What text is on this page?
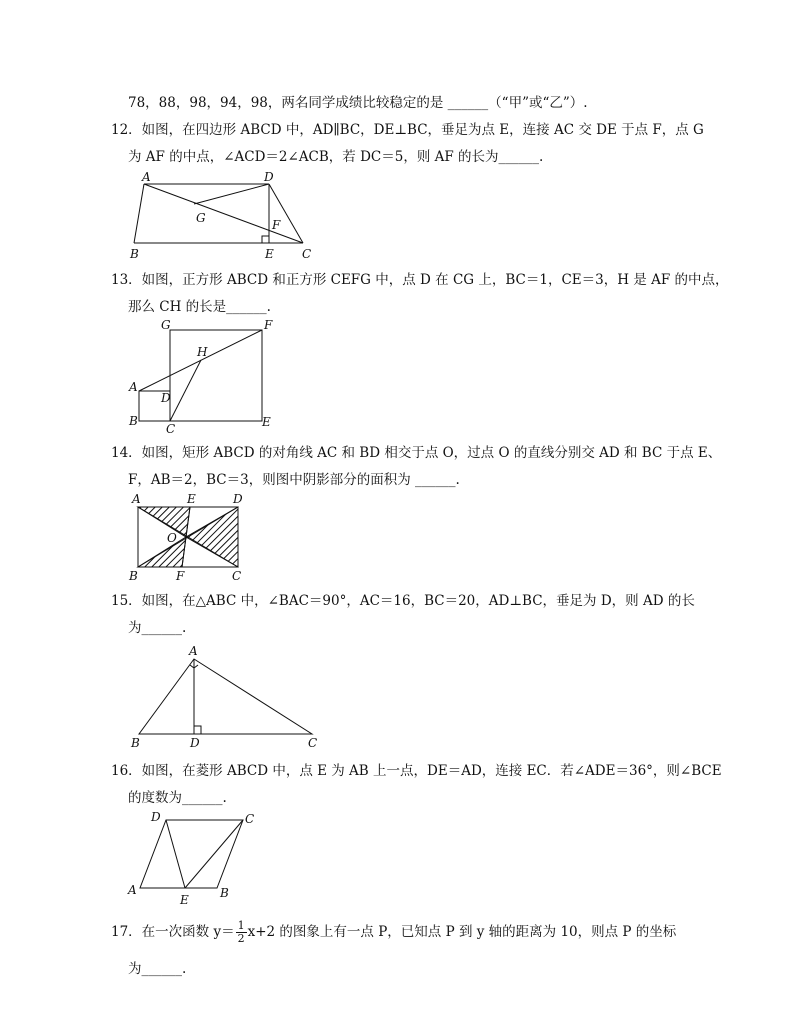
78，88，98，94，98，两名同学成绩比较稳定的是 ______（“甲”或“乙”）.
12．如图，在四边形 ABCD 中，AD∥BC，DE⊥BC，垂足为点 E，连接 AC 交 DE 于点 F，点 G
为 AF 的中点，∠ACD＝2∠ACB，若 DC＝5，则 AF 的长为______.
A	D
G	F
B	E C
13．如图，正方形 ABCD 和正方形 CEFG 中，点 D 在 CG 上，BC＝1，CE＝3，H 是 AF 的中点，
那么 CH 的长是______.
G	F
H
A
D
B
C	E
14．如图，矩形 ABCD 的对角线 AC 和 BD 相交于点 O，过点 O 的直线分别交 AD 和 BC 于点 E、
F，AB＝2，BC＝3，则图中阴影部分的面积为 ______.
A	E	D
O
B	F	C
15．如图，在△ABC 中，∠BAC＝90°，AC＝16，BC＝20，AD⊥BC，垂足为 D，则 AD 的长
为______.
A
B	D	C
16．如图，在菱形 ABCD 中，点 E 为 AB 上一点，DE＝AD，连接 EC．若∠ADE＝36°，则∠BCE
的度数为______.
D	C
A
E	B
17．在一次函数 $y= \frac{1}{2} x+2$ 的图象上有一点 P，已知点 P 到 y 轴的距离为 10，则点 P 的坐标
为______.
